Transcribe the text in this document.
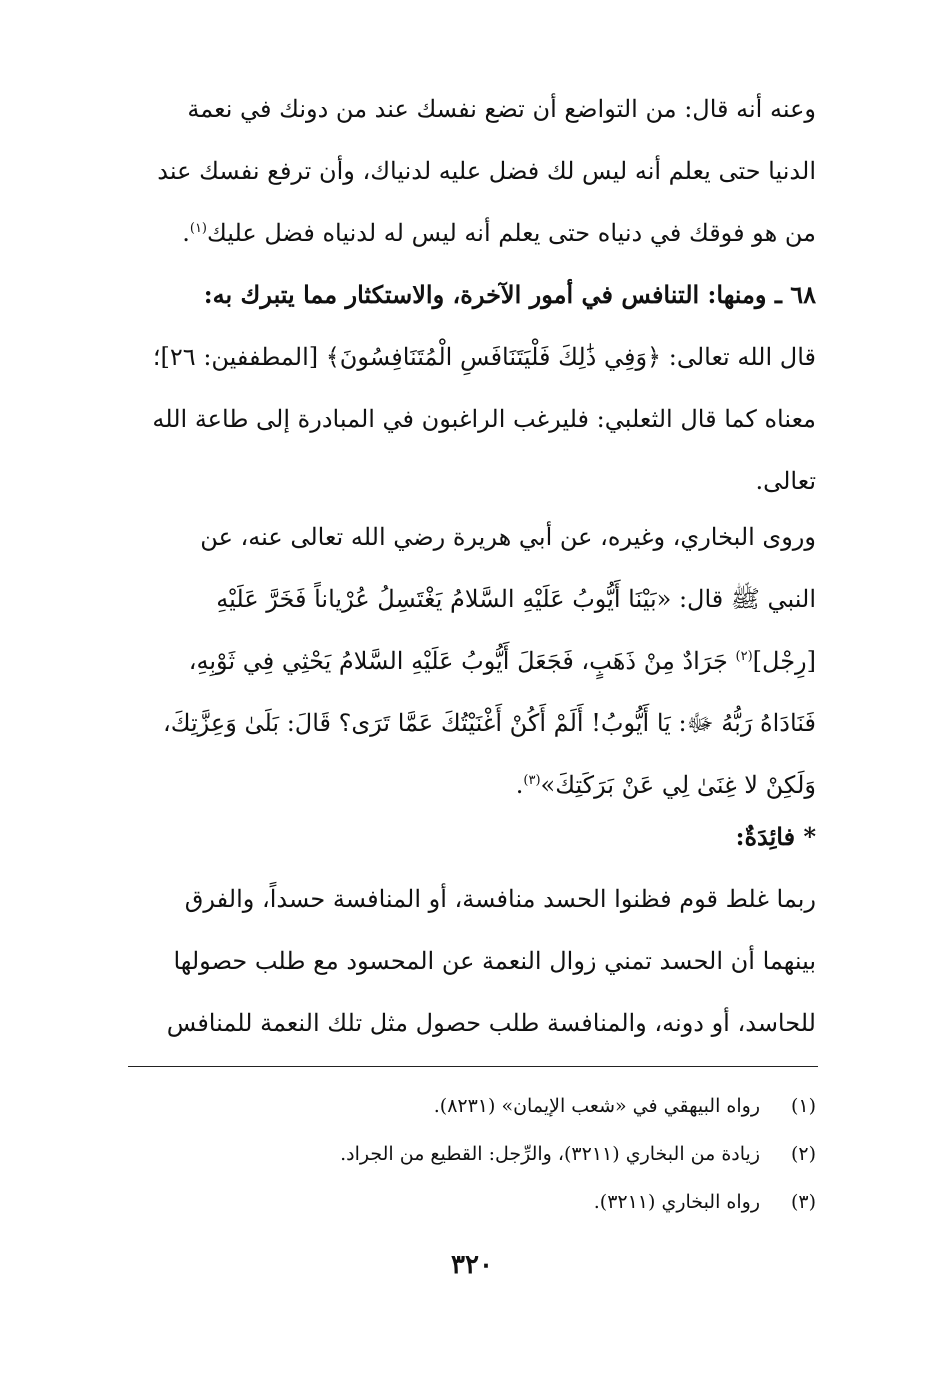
وعنه أنه قال: من التواضع أن تضع نفسك عند من دونك في نعمة
الدنيا حتى يعلم أنه ليس لك فضل عليه لدنياك، وأن ترفع نفسك عند
من هو فوقك في دنياه حتى يعلم أنه ليس له لدنياه فضل عليك$^{(١)}$.
٦٨ ـ ومنها: التنافس في أمور الآخرة، والاستكثار مما يتبرك به:
قال الله تعالى: ﴿وَفِي ذَٰلِكَ فَلْيَتَنَافَسِ الْمُتَنَافِسُونَ﴾ [المطففين: ٢٦]؛
معناه كما قال الثعلبي: فليرغب الراغبون في المبادرة إلى طاعة الله
تعالى.
وروى البخاري، وغيره، عن أبي هريرة رضي الله تعالى عنه، عن
النبي ﷺ قال: «بَيْنَا أَيُّوبُ عَلَيْهِ السَّلامُ يَغْتَسِلُ عُرْياناً فَخَرَّ عَلَيْهِ
[رِجْل]$^{(٢)}$ جَرَادٌ مِنْ ذَهَبٍ، فَجَعَلَ أَيُّوبُ عَلَيْهِ السَّلامُ يَحْثِي فِي ثَوْبِهِ،
فَنَادَاهُ رَبُّهُ ﷻ: يَا أَيُّوبُ! أَلَمْ أَكُنْ أَغْنَيْتُكَ عَمَّا تَرَى؟ قَالَ: بَلَىٰ وَعِزَّتِكَ،
وَلَكِنْ لا غِنَىٰ لِي عَنْ بَرَكَتِكَ»$^{(٣)}$.
* فائِدَةٌ:
ربما غلط قوم فظنوا الحسد منافسة، أو المنافسة حسداً، والفرق
بينهما أن الحسد تمني زوال النعمة عن المحسود مع طلب حصولها
للحاسد، أو دونه، والمنافسة طلب حصول مثل تلك النعمة للمنافس
(١)
رواه البيهقي في «شعب الإيمان» (٨٢٣١).
(٢)
زيادة من البخاري (٣٢١١)، والرِّجل: القطيع من الجراد.
(٣)
رواه البخاري (٣٢١١).
٣٢٠
